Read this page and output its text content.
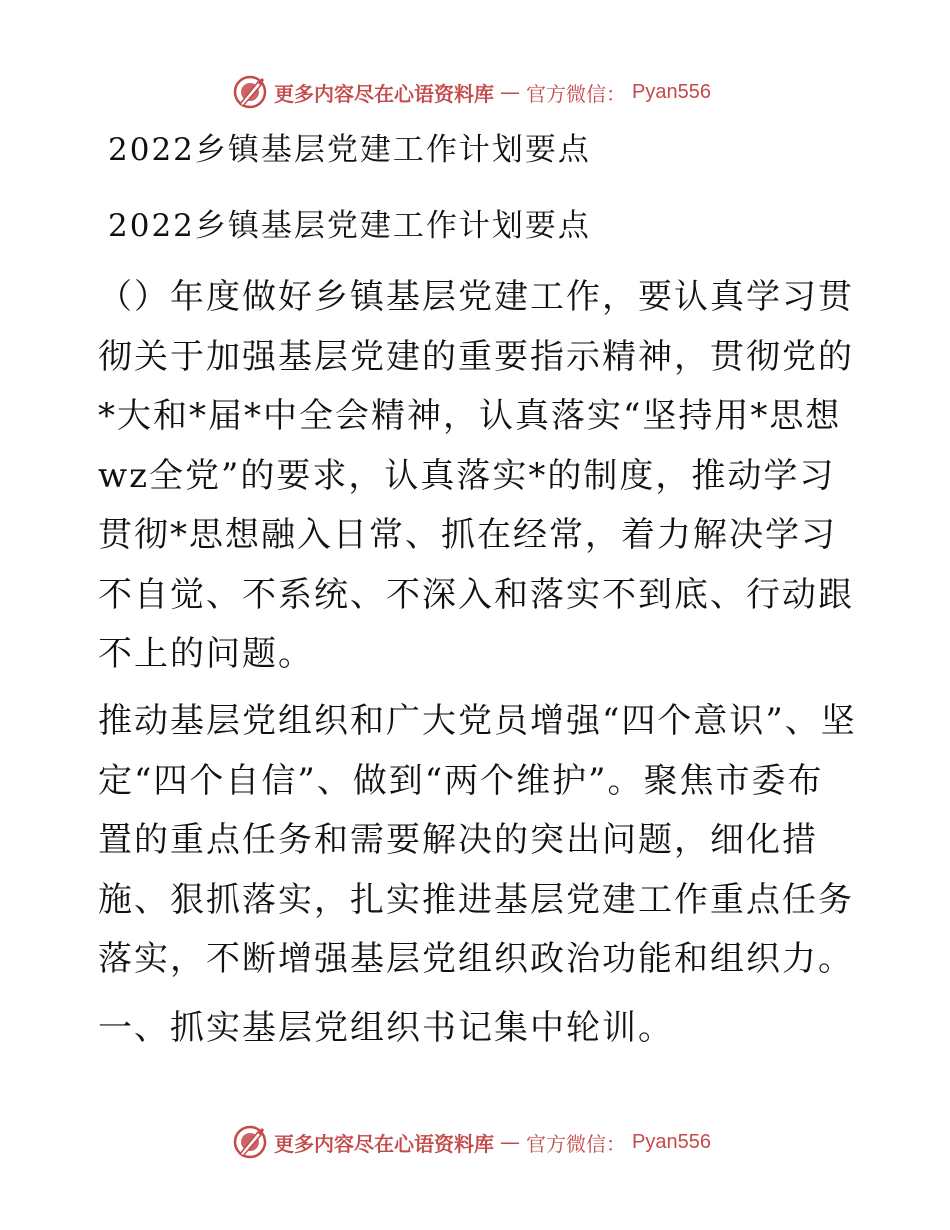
更多内容尽在心语资料库 — 官方微信： Pyan556
2022乡镇基层党建工作计划要点
2022乡镇基层党建工作计划要点

（）年度做好乡镇基层党建工作，要认真学习贯彻关于加强基层党建的重要指示精神，贯彻党的*大和*届*中全会精神，认真落实“坚持用*思想wz全党”的要求，认真落实*的制度，推动学习贯彻*思想融入日常、抓在经常，着力解决学习不自觉、不系统、不深入和落实不到底、行动跟不上的问题。

推动基层党组织和广大党员增强“四个意识”、坚定“四个自信”、做到“两个维护”。聚焦市委布置的重点任务和需要解决的突出问题，细化措施、狠抓落实，扎实推进基层党建工作重点任务落实，不断增强基层党组织政治功能和组织力。

一、抓实基层党组织书记集中轮训。

更多内容尽在心语资料库 — 官方微信： Pyan556
